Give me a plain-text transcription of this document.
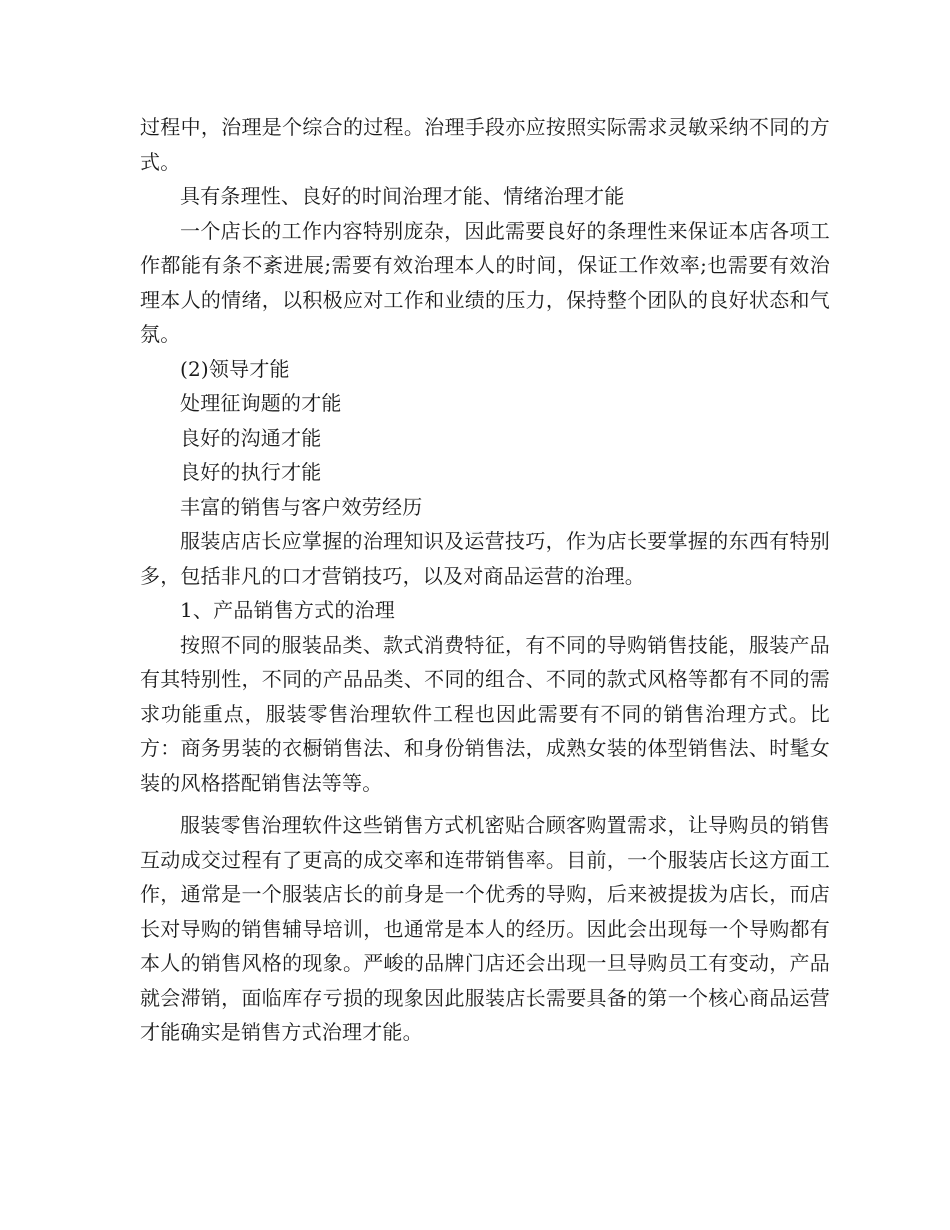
过程中，治理是个综合的过程。治理手段亦应按照实际需求灵敏采纳不同的方式。

具有条理性、良好的时间治理才能、情绪治理才能

一个店长的工作内容特别庞杂，因此需要良好的条理性来保证本店各项工作都能有条不紊进展;需要有效治理本人的时间，保证工作效率;也需要有效治理本人的情绪，以积极应对工作和业绩的压力，保持整个团队的良好状态和气氛。

(2)领导才能

处理征询题的才能

良好的沟通才能

良好的执行才能

丰富的销售与客户效劳经历

服装店店长应掌握的治理知识及运营技巧，作为店长要掌握的东西有特别多，包括非凡的口才营销技巧，以及对商品运营的治理。

1、产品销售方式的治理

按照不同的服装品类、款式消费特征，有不同的导购销售技能，服装产品有其特别性，不同的产品品类、不同的组合、不同的款式风格等都有不同的需求功能重点，服装零售治理软件工程也因此需要有不同的销售治理方式。比方：商务男装的衣橱销售法、和身份销售法，成熟女装的体型销售法、时髦女装的风格搭配销售法等等。

服装零售治理软件这些销售方式机密贴合顾客购置需求，让导购员的销售互动成交过程有了更高的成交率和连带销售率。目前，一个服装店长这方面工作，通常是一个服装店长的前身是一个优秀的导购，后来被提拔为店长，而店长对导购的销售辅导培训，也通常是本人的经历。因此会出现每一个导购都有本人的销售风格的现象。严峻的品牌门店还会出现一旦导购员工有变动，产品就会滞销，面临库存亏损的现象因此服装店长需要具备的第一个核心商品运营才能确实是销售方式治理才能。
